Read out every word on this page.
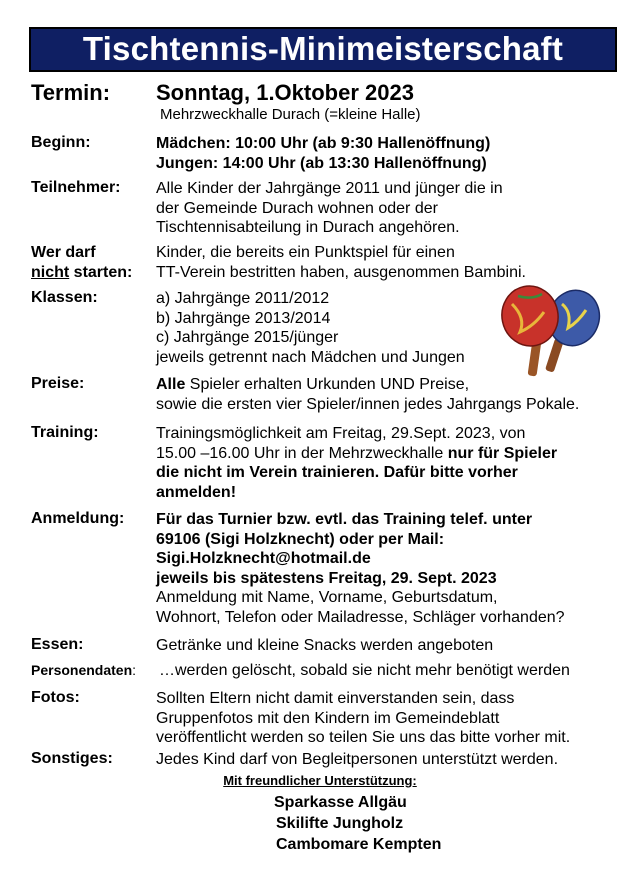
Tischtennis-Minimeisterschaft
Termin: Sonntag, 1.Oktober 2023
Mehrzweckhalle Durach (=kleine Halle)
Beginn:	Mädchen: 10:00 Uhr (ab 9:30 Hallenöffnung)
Jungen: 14:00 Uhr (ab 13:30 Hallenöffnung)
Teilnehmer: Alle Kinder der Jahrgänge 2011 und jünger die in
der Gemeinde Durach wohnen oder der
Tischtennisabteilung in Durach angehören.
Wer darf
nicht starten:
Kinder, die bereits ein Punktspiel für einen
TT-Verein bestritten haben, ausgenommen Bambini.
Klassen:	a) Jahrgänge 2011/2012
b) Jahrgänge 2013/2014
c) Jahrgänge 2015/jünger
jeweils getrennt nach Mädchen und Jungen
Preise:	Alle Spieler erhalten Urkunden UND Preise,
sowie die ersten vier Spieler/innen jedes Jahrgangs Pokale.
Training:	Trainingsmöglichkeit am Freitag, 29.Sept. 2023, von
15.00 –16.00 Uhr in der Mehrzweckhalle nur für Spieler
die nicht im Verein trainieren. Dafür bitte vorher
anmelden!
Anmeldung: Für das Turnier bzw. evtl. das Training telef. unter
69106 (Sigi Holzknecht) oder per Mail:
Sigi.Holzknecht@hotmail.de
jeweils bis spätestens Freitag, 29. Sept. 2023
Anmeldung mit Name, Vorname, Geburtsdatum,
Wohnort, Telefon oder Mailadresse, Schläger vorhanden?
Essen:	Getränke und kleine Snacks werden angeboten
Personendaten: …werden gelöscht, sobald sie nicht mehr benötigt werden
Fotos:	Sollten Eltern nicht damit einverstanden sein, dass
Gruppenfotos mit den Kindern im Gemeindeblatt
veröffentlicht werden so teilen Sie uns das bitte vorher mit.
Sonstiges:	Jedes Kind darf von Begleitpersonen unterstützt werden.
Mit freundlicher Unterstützung:
Sparkasse Allgäu
Skilifte Jungholz
Cambomare Kempten
